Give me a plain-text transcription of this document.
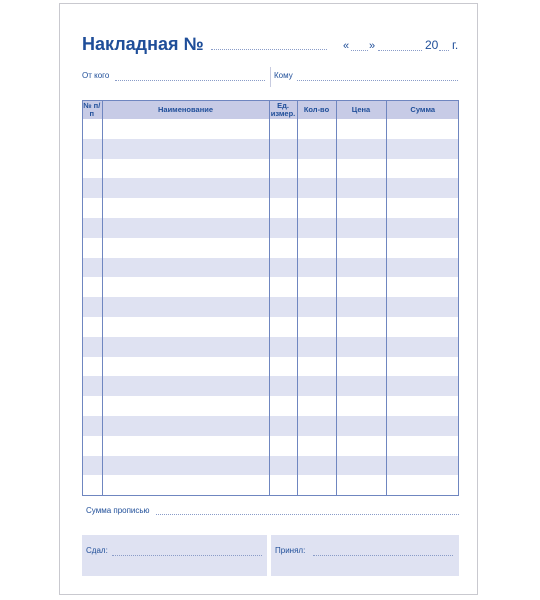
Накладная №	« »	20 г.
От кого	Кому
№ п/п	Наименование	Ед. измер.	Кол-во	Цена	Сумма

Сумма прописью
Сдал:	Принял:
